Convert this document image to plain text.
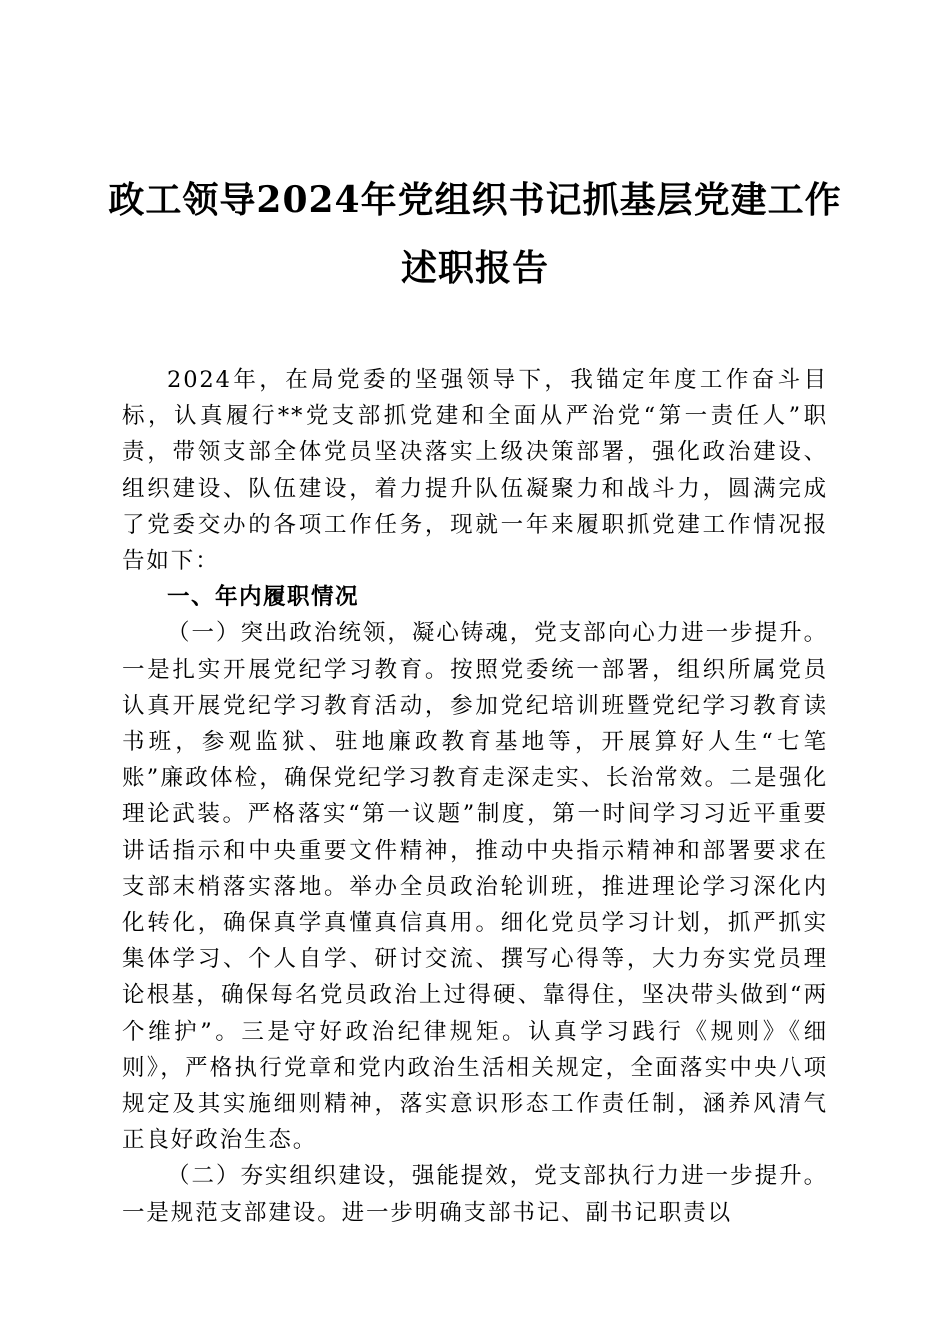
政工领导2024年党组织书记抓基层党建工作
述职报告

2024年，在局党委的坚强领导下，我锚定年度工作奋斗目标，认真履行**党支部抓党建和全面从严治党“第一责任人”职责，带领支部全体党员坚决落实上级决策部署，强化政治建设、组织建设、队伍建设，着力提升队伍凝聚力和战斗力，圆满完成了党委交办的各项工作任务，现就一年来履职抓党建工作情况报告如下：

一、年内履职情况

（一）突出政治统领，凝心铸魂，党支部向心力进一步提升。一是扎实开展党纪学习教育。按照党委统一部署，组织所属党员认真开展党纪学习教育活动，参加党纪培训班暨党纪学习教育读书班，参观监狱、驻地廉政教育基地等，开展算好人生“七笔账”廉政体检，确保党纪学习教育走深走实、长治常效。二是强化理论武装。严格落实“第一议题”制度，第一时间学习习近平重要讲话指示和中央重要文件精神，推动中央指示精神和部署要求在支部末梢落实落地。举办全员政治轮训班，推进理论学习深化内化转化，确保真学真懂真信真用。细化党员学习计划，抓严抓实集体学习、个人自学、研讨交流、撰写心得等，大力夯实党员理论根基，确保每名党员政治上过得硬、靠得住，坚决带头做到“两个维护”。三是守好政治纪律规矩。认真学习践行《规则》《细则》，严格执行党章和党内政治生活相关规定，全面落实中央八项规定及其实施细则精神，落实意识形态工作责任制，涵养风清气正良好政治生态。

（二）夯实组织建设，强能提效，党支部执行力进一步提升。一是规范支部建设。进一步明确支部书记、副书记职责以
